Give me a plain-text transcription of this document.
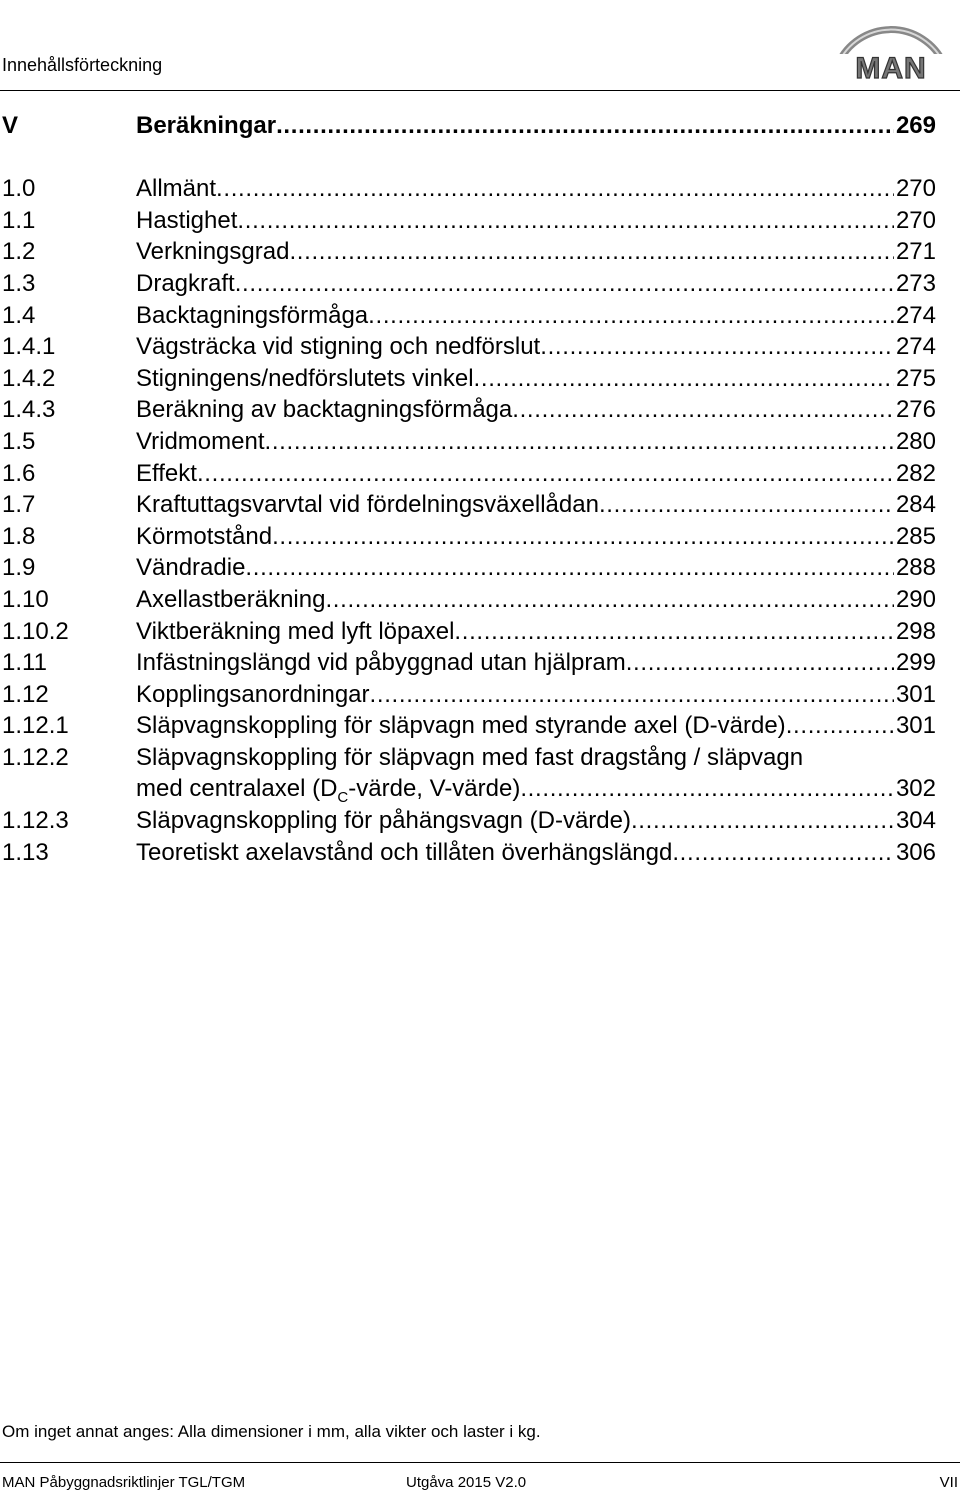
Innehållsförteckning	MAN
V	Beräkningar . . .	269
1.0	Allmänt . . .	270
1.1	Hastighet . . .	270
1.2	Verkningsgrad . . .	271
1.3	Dragkraft . . .	273
1.4	Backtagningsförmåga . . .	274
1.4.1	Vägsträcka vid stigning och nedförslut . . .	274
1.4.2	Stigningens/nedförslutets vinkel . . .	275
1.4.3	Beräkning av backtagningsförmåga . . .	276
1.5	Vridmoment . . .	280
1.6	Effekt . . .	282
1.7	Kraftuttagsvarvtal vid fördelningsväxellådan . . .	284
1.8	Körmotstånd . . .	285
1.9	Vändradie . . .	288
1.10	Axellastberäkning . . .	290
1.10.2	Viktberäkning med lyft löpaxel . . .	298
1.11	Infästningslängd vid påbyggnad utan hjälpram . . .	299
1.12	Kopplingsanordningar . . .	301
1.12.1	Släpvagnskoppling för släpvagn med styrande axel (D-värde) . . .	301
1.12.2	Släpvagnskoppling för släpvagn med fast dragstång / släpvagn
med centralaxel ($D_C$-värde, V-värde) . . .	302
1.12.3	Släpvagnskoppling för påhängsvagn (D-värde) . . .	304
1.13	Teoretiskt axelavstånd och tillåten överhängslängd . . .	306
Om inget annat anges: Alla dimensioner i mm, alla vikter och laster i kg.
MAN Påbyggnadsriktlinjer TGL/TGM	Utgåva 2015 V2.0	VII
